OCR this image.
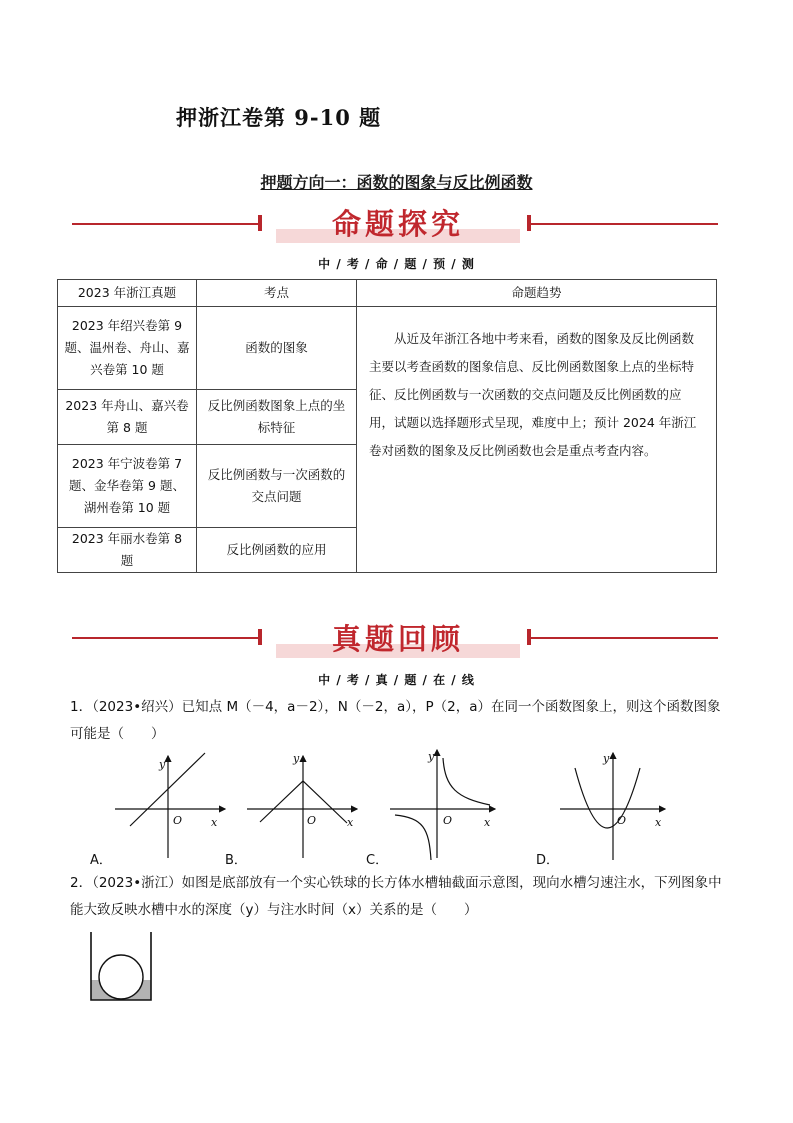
押浙江卷第 9-10 题
押题方向一：函数的图象与反比例函数
命题探究
中 / 考 / 命 / 题 / 预 / 测
2023 年浙江真题	考点	命题趋势
2023 年绍兴卷第 9 题、温州卷、舟山、嘉兴卷第 10 题	函数的图象	从近及年浙江各地中考来看，函数的图象及反比例函数主要以考查函数的图象信息、反比例函数图象上点的坐标特征、反比例函数与一次函数的交点问题及反比例函数的应用，试题以选择题形式呈现，难度中上；预计 2024 年浙江卷对函数的图象及反比例函数也会是重点考查内容。
2023 年舟山、嘉兴卷第 8 题	反比例函数图象上点的坐标特征	
2023 年宁波卷第 7 题、金华卷第 9 题、湖州卷第 10 题	反比例函数与一次函数的交点问题	
2023 年丽水卷第 8 题	反比例函数的应用	
真题回顾
中 / 考 / 真 / 题 / 在 / 线
1．（2023•绍兴）已知点 M（－4，a－2），N（－2，a），P（2，a）在同一个函数图象上，则这个函数图象可能是（　　）
y
x
O
y
x
O
y
x
O
y
x
O
A．	B．	C．	D．
2．（2023•浙江）如图是底部放有一个实心铁球的长方体水槽轴截面示意图，现向水槽匀速注水，下列图象中能大致反映水槽中水的深度（y）与注水时间（x）关系的是（　　）
